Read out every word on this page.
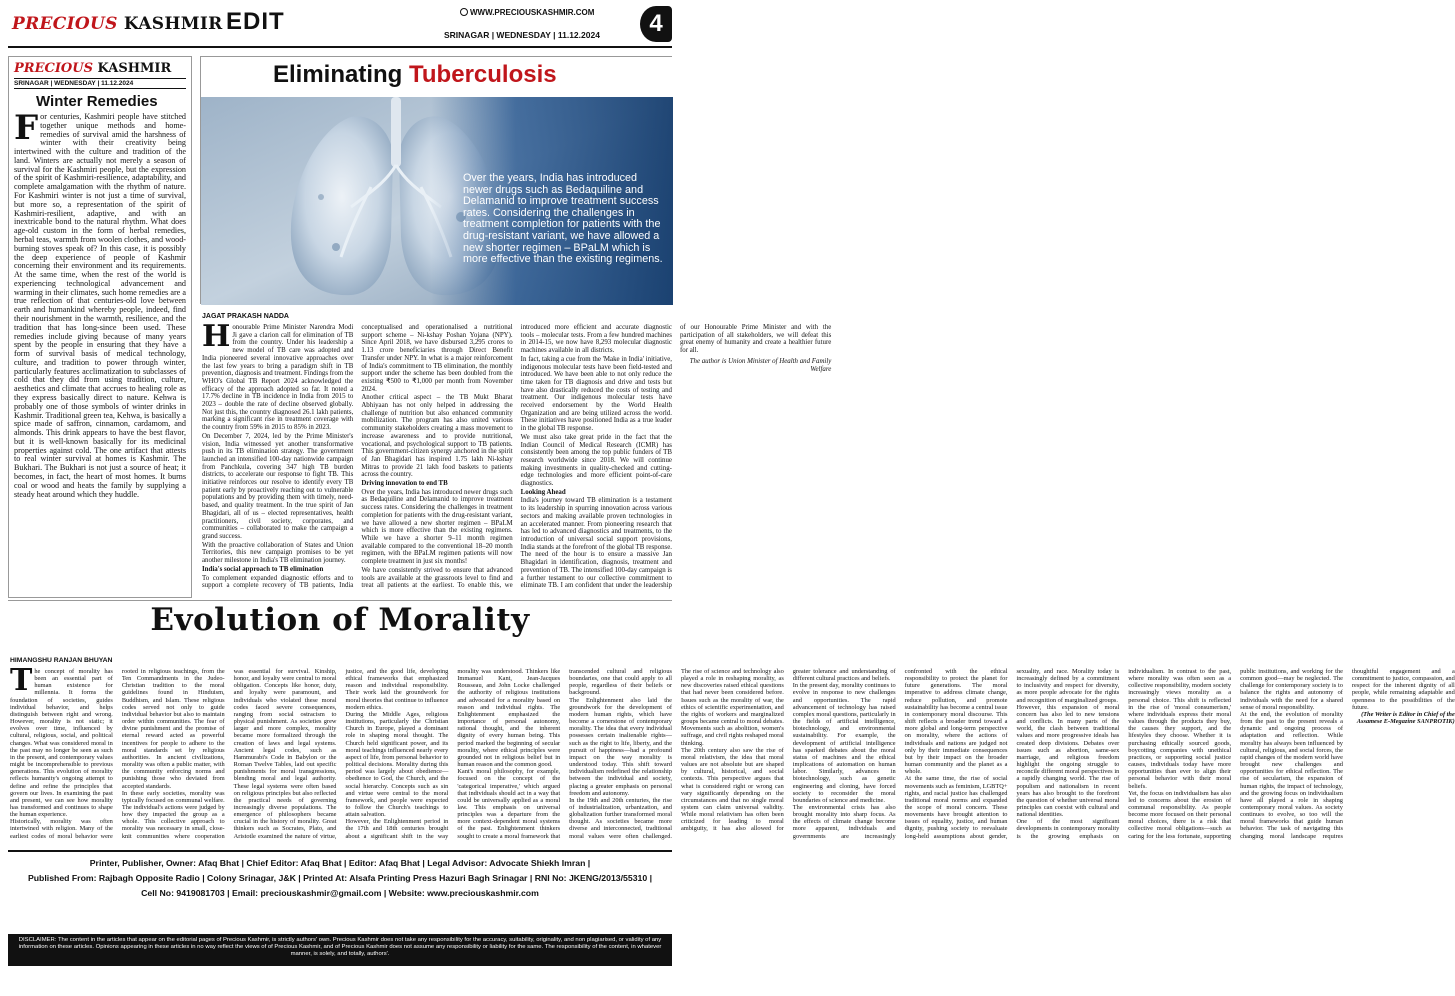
PRECIOUS KASHMIR EDIT	WWW.PRECIOUSKASHMIR.COM
SRINAGAR | WEDNESDAY | 11.12.2024	4
PRECIOUS KASHMIR
SRINAGAR | WEDNESDAY | 11.12.2024
Winter Remedies
For centuries, Kashmiri people have stitched together unique methods and home-remedies of survival amid the harshness of winter with their creativity being intertwined with the culture and tradition of the land. Winters are actually not merely a season of survival for the Kashmiri people, but the expression of the spirit of Kashmiri-resilience, adaptability, and complete amalgamation with the rhythm of nature. For Kashmiri winter is not just a time of survival, but more so, a representation of the spirit of Kashmiri-resilient, adaptive, and with an inextricable bond to the natural rhythm. What does age-old custom in the form of herbal remedies, herbal teas, warmth from woolen clothes, and wood-burning stoves speak of? In this case, it is possibly the deep experience of people of Kashmir concerning their environment and its requirements. At the same time, when the rest of the world is experiencing technological advancement and warming in their climates, such home remedies are a true reflection of that centuries-old love between earth and humankind whereby people, indeed, find their nourishment in the warmth, resilience, and the tradition that has long-since been used. These remedies include giving because of many years spent by the people in ensuring that they have a form of survival basis of medical technology, culture, and tradition to power through winter, particularly features acclimatization to subclasses of cold that they did from using tradition, culture, aesthetics and climate that accrues to healing role as they express basically direct to nature. Kehwa is probably one of those symbols of winter drinks in Kashmir. Traditional green tea, Kehwa, is basically a spice made of saffron, cinnamon, cardamom, and almonds. This drink appears to have the best flavor, but it is well-known basically for its medicinal properties against cold. The one artifact that attests to real winter survival at homes is Kashmir. The Bukhari. The Bukhari is not just a source of heat; it becomes, in fact, the heart of most homes. It burns coal or wood and heats the family by supplying a steady heat around which they huddle.
Eliminating Tuberculosis

Over the years, India has introduced newer drugs such as Bedaquiline and Delamanid to improve treatment success rates. Considering the challenges in treatment completion for patients with the drug-resistant variant, we have allowed a new shorter regimen – BPaLM which is more effective than the existing regimens.

JAGAT PRAKASH NADDA

Honourable Prime Minister Narendra Modi Ji gave a clarion call for elimination of TB from the country. Under his leadership a new model of TB care was adopted and India pioneered several innovative approaches over the last few years to bring a paradigm shift in TB prevention, diagnosis and treatment. Findings from the WHO's Global TB Report 2024 acknowledged the efficacy of the approach adopted so far. It noted a 17.7% decline in TB incidence in India from 2015 to 2023 – double the rate of decline observed globally. Not just this, the country diagnosed 26.1 lakh patients, marking a significant rise in treatment coverage with the country from 59% in 2015 to 85% in 2023.

On December 7, 2024, led by the Prime Minister's vision, India witnessed yet another transformative push in its TB elimination strategy. The government launched an intensified 100-day nationwide campaign from Panchkula, covering 347 high TB burden districts, to accelerate our response to fight TB. This initiative reinforces our resolve to identify every TB patient early by proactively reaching out to vulnerable populations and by providing them with timely, need-based, and quality treatment. In the true spirit of Jan Bhagidari, all of us – elected representatives, health practitioners, civil society, corporates, and communities – collaborated to make the campaign a grand success.

With the proactive collaboration of States and Union Territories, this new campaign promises to be yet another milestone in India's TB elimination journey.

India's social approach to TB elimination

To complement expanded diagnostic efforts and to support a complete recovery of TB patients, India conceptualised and operationalised a nutritional support scheme – Ni-kshay Poshan Yojana (NPY). Since April 2018, we have disbursed 3,295 crores to 1.13 crore beneficiaries through Direct Benefit Transfer under NPY. In what is a major reinforcement of India's commitment to TB elimination, the monthly support under the scheme has been doubled from the existing ₹500 to ₹1,000 per month from November 2024.

Another critical aspect – the TB Mukt Bharat Abhiyaan has not only helped in addressing the challenge of nutrition but also enhanced community mobilization. The program has also united various community stakeholders creating a mass movement to increase awareness and to provide nutritional, vocational, and psychological support to TB patients. This government-citizen synergy anchored in the spirit of Jan Bhagidari has inspired 1.75 lakh Ni-kshay Mitras to provide 21 lakh food baskets to patients across the country.

Driving innovation to end TB

Over the years, India has introduced newer drugs such as Bedaquiline and Delamanid to improve treatment success rates. Considering the challenges in treatment completion for patients with the drug-resistant variant, we have allowed a new shorter regimen – BPaLM which is more effective than the existing regimens. While we have a shorter 9–11 month regimen available compared to the conventional 18–20 month regimen, with the BPaLM regimen patients will now complete treatment in just six months!

We have consistently strived to ensure that advanced tools are available at the grassroots level to find and treat all patients at the earliest. To enable this, we introduced more efficient and accurate diagnostic tools – molecular tests. From a few hundred machines in 2014-15, we now have 8,293 molecular diagnostic machines available in all districts.

In fact, taking a cue from the 'Make in India' initiative, indigenous molecular tests have been field-tested and introduced. We have been able to not only reduce the time taken for TB diagnosis and drive and tests but have also drastically reduced the costs of testing and treatment. Our indigenous molecular tests have received endorsement by the World Health Organization and are being utilized across the world. These initiatives have positioned India as a true leader in the global TB response.

We must also take great pride in the fact that the Indian Council of Medical Research (ICMR) has consistently been among the top public funders of TB research worldwide since 2018. We will continue making investments in quality-checked and cutting-edge technologies and more efficient point-of-care diagnostics.

Looking Ahead

India's journey toward TB elimination is a testament to its leadership in spurring innovation across various sectors and making available proven technologies in an accelerated manner. From pioneering research that has led to advanced diagnostics and treatments, to the introduction of universal social support provisions, India stands at the forefront of the global TB response. The need of the hour is to ensure a massive Jan Bhagidari in identification, diagnosis, treatment and prevention of TB. The intensified 100-day campaign is a further testament to our collective commitment to eliminate TB. I am confident that under the leadership of our Honourable Prime Minister and with the participation of all stakeholders, we will defeat this great enemy of humanity and create a healthier future for all.

The author is Union Minister of Health and Family Welfare

Evolution of Morality
HIMANGSHU RANJAN BHUYAN

The concept of morality has been an essential part of human existence for millennia. It forms the foundation of societies, guides individual behavior, and helps distinguish between right and wrong. However, morality is not static; it evolves over time, influenced by cultural, religious, social, and political changes. What was considered moral in the past may no longer be seen as such in the present, and contemporary values might be incomprehensible to previous generations. This evolution of morality reflects humanity's ongoing attempt to define and refine the principles that govern our lives. In examining the past and present, we can see how morality has transformed and continues to shape the human experience.

Historically, morality was often intertwined with religion. Many of the earliest codes of moral behavior were rooted in religious teachings, from the Ten Commandments in the Judeo-Christian tradition to the moral guidelines found in Hinduism, Buddhism, and Islam. These religious codes served not only to guide individual behavior but also to maintain order within communities. The fear of divine punishment and the promise of eternal reward acted as powerful incentives for people to adhere to the moral standards set by religious authorities. In ancient civilizations, morality was often a public matter, with the community enforcing norms and punishing those who deviated from accepted standards.

In these early societies, morality was typically focused on communal welfare. The individual's actions were judged by how they impacted the group as a whole. This collective approach to morality was necessary in small, close-knit communities where cooperation was essential for survival. Kinship, honor, and loyalty were central to moral obligation. Concepts like honor, duty, and loyalty were paramount, and individuals who violated these moral codes faced severe consequences, ranging from social ostracism to physical punishment. As societies grew larger and more complex, morality became more formalized through the creation of laws and legal systems. Ancient legal codes, such as Hammurabi's Code in Babylon or the Roman Twelve Tables, laid out specific punishments for moral transgressions, blending moral and legal authority. These legal systems were often based on religious principles but also reflected the practical needs of governing increasingly diverse populations. The emergence of philosophers became crucial in the history of morality. Great thinkers such as Socrates, Plato, and Aristotle examined the nature of virtue, justice, and the good life, developing ethical frameworks that emphasized reason and individual responsibility. Their work laid the groundwork for moral theories that continue to influence modern ethics.

During the Middle Ages, religious institutions, particularly the Christian Church in Europe, played a dominant role in shaping moral thought. The Church held significant power, and its moral teachings influenced nearly every aspect of life, from personal behavior to political decisions. Morality during this period was largely about obedience—obedience to God, the Church, and the social hierarchy. Concepts such as sin and virtue were central to the moral framework, and people were expected to follow the Church's teachings to attain salvation.

However, the Enlightenment period in the 17th and 18th centuries brought about a significant shift in the way morality was understood. Thinkers like Immanuel Kant, Jean-Jacques Rousseau, and John Locke challenged the authority of religious institutions and advocated for a morality based on reason and individual rights. The Enlightenment emphasized the importance of personal autonomy, rational thought, and the inherent dignity of every human being. This period marked the beginning of secular morality, where ethical principles were grounded not in religious belief but in human reason and the common good.

Kant's moral philosophy, for example, focused on the concept of the 'categorical imperative,' which argued that individuals should act in a way that could be universally applied as a moral law. This emphasis on universal principles was a departure from the more context-dependent moral systems of the past. Enlightenment thinkers sought to create a moral framework that transcended cultural and religious boundaries, one that could apply to all people, regardless of their beliefs or background.

The Enlightenment also laid the groundwork for the development of modern human rights, which have become a cornerstone of contemporary morality. The idea that every individual possesses certain inalienable rights—such as the right to life, liberty, and the pursuit of happiness—had a profound impact on the way morality is understood today. This shift toward individualism redefined the relationship between the individual and society, placing a greater emphasis on personal freedom and autonomy.

In the 19th and 20th centuries, the rise of industrialization, urbanization, and globalization further transformed moral thought. As societies became more diverse and interconnected, traditional moral values were often challenged. The rise of science and technology also played a role in reshaping morality, as new discoveries raised ethical questions that had never been considered before. Issues such as the morality of war, the ethics of scientific experimentation, and the rights of workers and marginalized groups became central to moral debates. Movements such as abolition, women's suffrage, and civil rights reshaped moral thinking.

The 20th century also saw the rise of moral relativism, the idea that moral values are not absolute but are shaped by cultural, historical, and social contexts. This perspective argues that what is considered right or wrong can vary significantly depending on the circumstances and that no single moral system can claim universal validity. While moral relativism has often been criticized for leading to moral ambiguity, it has also allowed for greater tolerance and understanding of different cultural practices and beliefs.

In the present day, morality continues to evolve in response to new challenges and opportunities. The rapid advancement of technology has raised complex moral questions, particularly in the fields of artificial intelligence, biotechnology, and environmental sustainability. For example, the development of artificial intelligence has sparked debates about the moral status of machines and the ethical implications of automation on human labor. Similarly, advances in biotechnology, such as genetic engineering and cloning, have forced society to reconsider the moral boundaries of science and medicine.

The environmental crisis has also brought morality into sharp focus. As the effects of climate change become more apparent, individuals and governments are increasingly confronted with the ethical responsibility to protect the planet for future generations. The moral imperative to address climate change, reduce pollution, and promote sustainability has become a central issue in contemporary moral discourse. This shift reflects a broader trend toward a more global and long-term perspective on morality, where the actions of individuals and nations are judged not only by their immediate consequences but by their impact on the broader human community and the planet as a whole.

At the same time, the rise of social movements such as feminism, LGBTQ+ rights, and racial justice has challenged traditional moral norms and expanded the scope of moral concern. These movements have brought attention to issues of equality, justice, and human dignity, pushing society to reevaluate long-held assumptions about gender, sexuality, and race. Morality today is increasingly defined by a commitment to inclusivity and respect for diversity, as more people advocate for the rights and recognition of marginalized groups.

However, this expansion of moral concern has also led to new tensions and conflicts. In many parts of the world, the clash between traditional values and more progressive ideals has created deep divisions. Debates over issues such as abortion, same-sex marriage, and religious freedom highlight the ongoing struggle to reconcile different moral perspectives in a rapidly changing world. The rise of populism and nationalism in recent years has also brought to the forefront the question of whether universal moral principles can coexist with cultural and national identities.

One of the most significant developments in contemporary morality is the growing emphasis on individualism. In contrast to the past, where morality was often seen as a collective responsibility, modern society increasingly views morality as a personal choice. This shift is reflected in the rise of 'moral consumerism,' where individuals express their moral values through the products they buy, the causes they support, and the lifestyles they choose. Whether it is purchasing ethically sourced goods, boycotting companies with unethical practices, or supporting social justice causes, individuals today have more opportunities than ever to align their personal behavior with their moral beliefs.

Yet, the focus on individualism has also led to concerns about the erosion of communal responsibility. As people become more focused on their personal moral choices, there is a risk that collective moral obligations—such as caring for the less fortunate, supporting public institutions, and working for the common good—may be neglected. The challenge for contemporary society is to balance the rights and autonomy of individuals with the need for a shared sense of moral responsibility.

At the end, the evolution of morality from the past to the present reveals a dynamic and ongoing process of adaptation and reflection. While morality has always been influenced by cultural, religious, and social forces, the rapid changes of the modern world have brought new challenges and opportunities for ethical reflection. The rise of secularism, the expansion of human rights, the impact of technology, and the growing focus on individualism have all played a role in shaping contemporary moral values. As society continues to evolve, so too will the moral frameworks that guide human behavior. The task of navigating this changing moral landscape requires thoughtful engagement and a commitment to justice, compassion, and respect for the inherent dignity of all people, while remaining adaptable and openness to the possibilities of the future.

(The Writer is Editor in Chief of the Assamese E-Megazine SANPROTIK)

Printer, Publisher, Owner: Afaq Bhat | Chief Editor: Afaq Bhat | Editor: Afaq Bhat | Legal Advisor: Advocate Shiekh Imran |
Published From: Rajbagh Opposite Radio | Colony Srinagar, J&K | Printed At: Alsafa Printing Press Hazuri Bagh Srinagar | RNI No: JKENG/2013/55310 |
Cell No: 9419081703 | Email: preciouskashmir@gmail.com | Website: www.preciouskashmir.com
DISCLAIMER: The content in the articles that appear on the editorial pages of Precious Kashmir, is strictly authors' own. Precious Kashmir does not take any responsibility for the accuracy, suitability, originality, and non plagiarised, or validity of any information on these articles. Opinions appearing in these articles in no way reflect the views of of Precious Kashmir, and of Precious Kashmir does not assume any responsibility or liability for the same. The responsibility of the content, in whatever manner, is solely, and totally, authors'.
